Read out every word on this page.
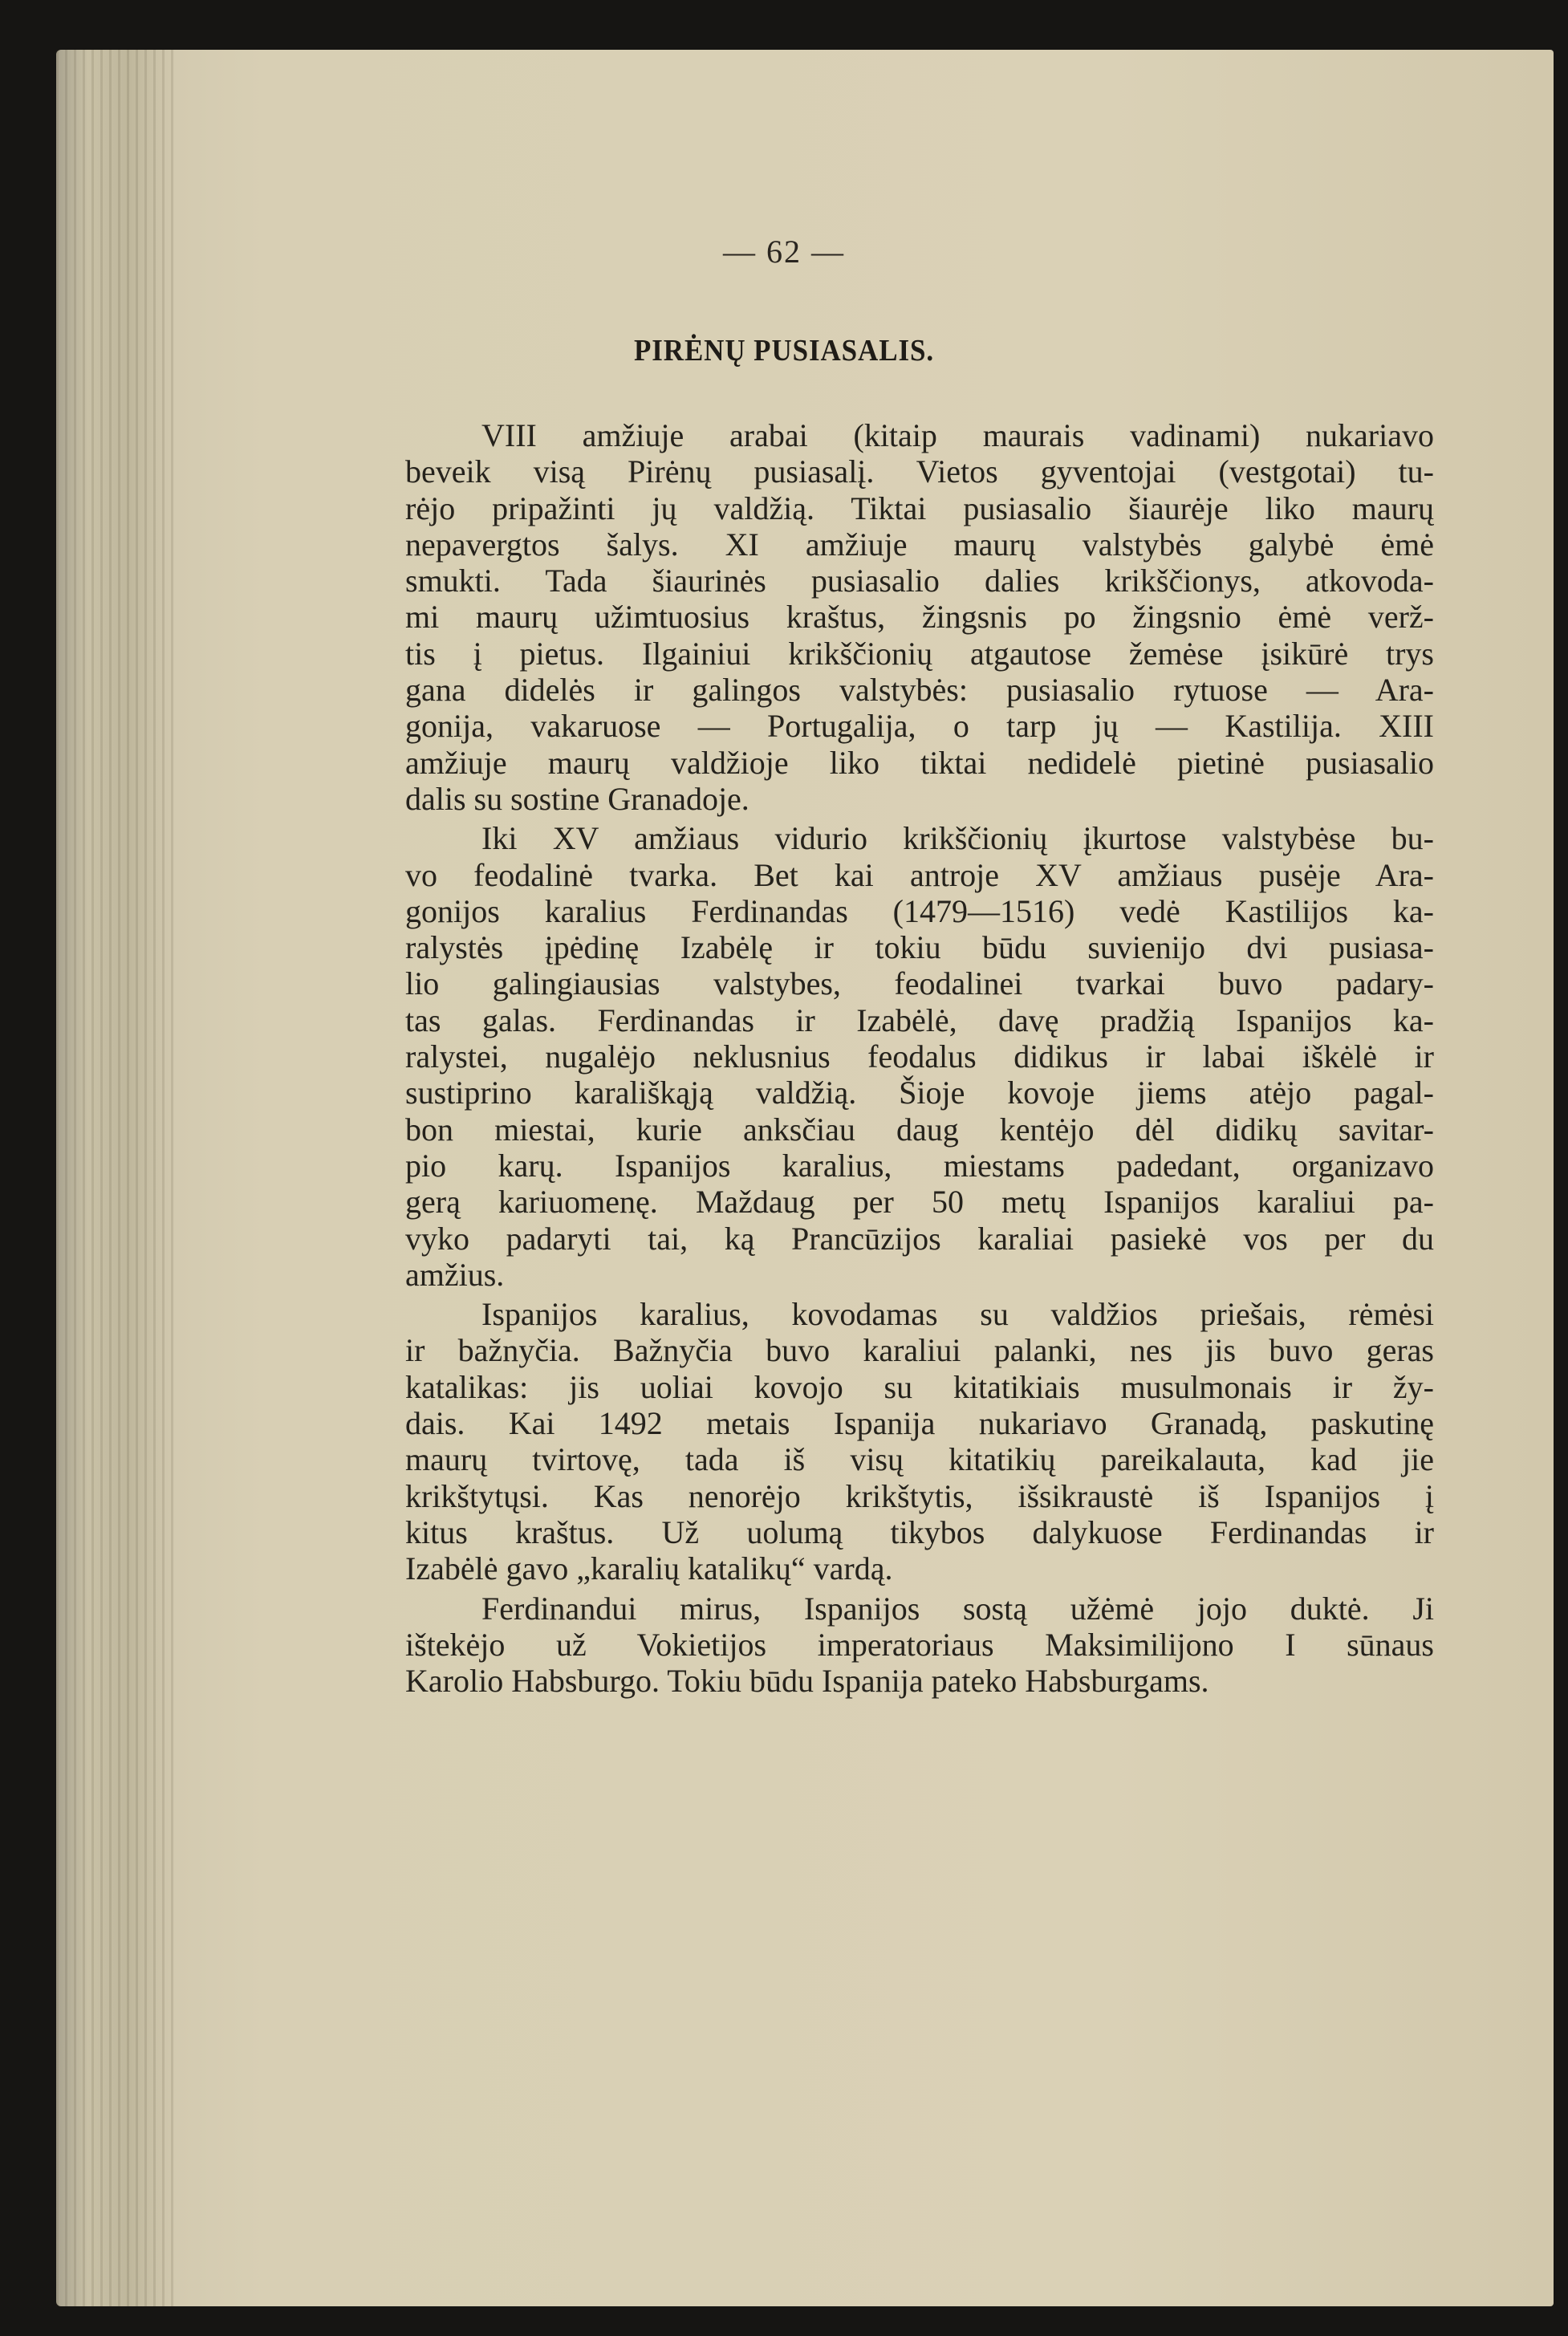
— 62 —
PIRĖNŲ PUSIASALIS.
VIII amžiuje arabai (kitaip maurais vadinami) nukariavo
beveik visą Pirėnų pusiasalį. Vietos gyventojai (vestgotai) tu-
rėjo pripažinti jų valdžią. Tiktai pusiasalio šiaurėje liko maurų
nepavergtos šalys. XI amžiuje maurų valstybės galybė ėmė
smukti. Tada šiaurinės pusiasalio dalies krikščionys, atkovoda-
mi maurų užimtuosius kraštus, žingsnis po žingsnio ėmė verž-
tis į pietus. Ilgainiui krikščionių atgautose žemėse įsikūrė trys
gana didelės ir galingos valstybės: pusiasalio rytuose — Ara-
gonija, vakaruose — Portugalija, o tarp jų — Kastilija. XIII
amžiuje maurų valdžioje liko tiktai nedidelė pietinė pusiasalio
dalis su sostine Granadoje.
Iki XV amžiaus vidurio krikščionių įkurtose valstybėse bu-
vo feodalinė tvarka. Bet kai antroje XV amžiaus pusėje Ara-
gonijos karalius Ferdinandas (1479—1516) vedė Kastilijos ka-
ralystės įpėdinę Izabėlę ir tokiu būdu suvienijo dvi pusiasa-
lio galingiausias valstybes, feodalinei tvarkai buvo padary-
tas galas. Ferdinandas ir Izabėlė, davę pradžią Ispanijos ka-
ralystei, nugalėjo neklusnius feodalus didikus ir labai iškėlė ir
sustiprino karališkąją valdžią. Šioje kovoje jiems atėjo pagal-
bon miestai, kurie anksčiau daug kentėjo dėl didikų savitar-
pio karų. Ispanijos karalius, miestams padedant, organizavo
gerą kariuomenę. Maždaug per 50 metų Ispanijos karaliui pa-
vyko padaryti tai, ką Prancūzijos karaliai pasiekė vos per du
amžius.
Ispanijos karalius, kovodamas su valdžios priešais, rėmėsi
ir bažnyčia. Bažnyčia buvo karaliui palanki, nes jis buvo geras
katalikas: jis uoliai kovojo su kitatikiais musulmonais ir žy-
dais. Kai 1492 metais Ispanija nukariavo Granadą, paskutinę
maurų tvirtovę, tada iš visų kitatikių pareikalauta, kad jie
krikštytųsi. Kas nenorėjo krikštytis, išsikraustė iš Ispanijos į
kitus kraštus. Už uolumą tikybos dalykuose Ferdinandas ir
Izabėlė gavo „karalių katalikų“ vardą.
Ferdinandui mirus, Ispanijos sostą užėmė jojo duktė. Ji
ištekėjo už Vokietijos imperatoriaus Maksimilijono I sūnaus
Karolio Habsburgo. Tokiu būdu Ispanija pateko Habsburgams.
